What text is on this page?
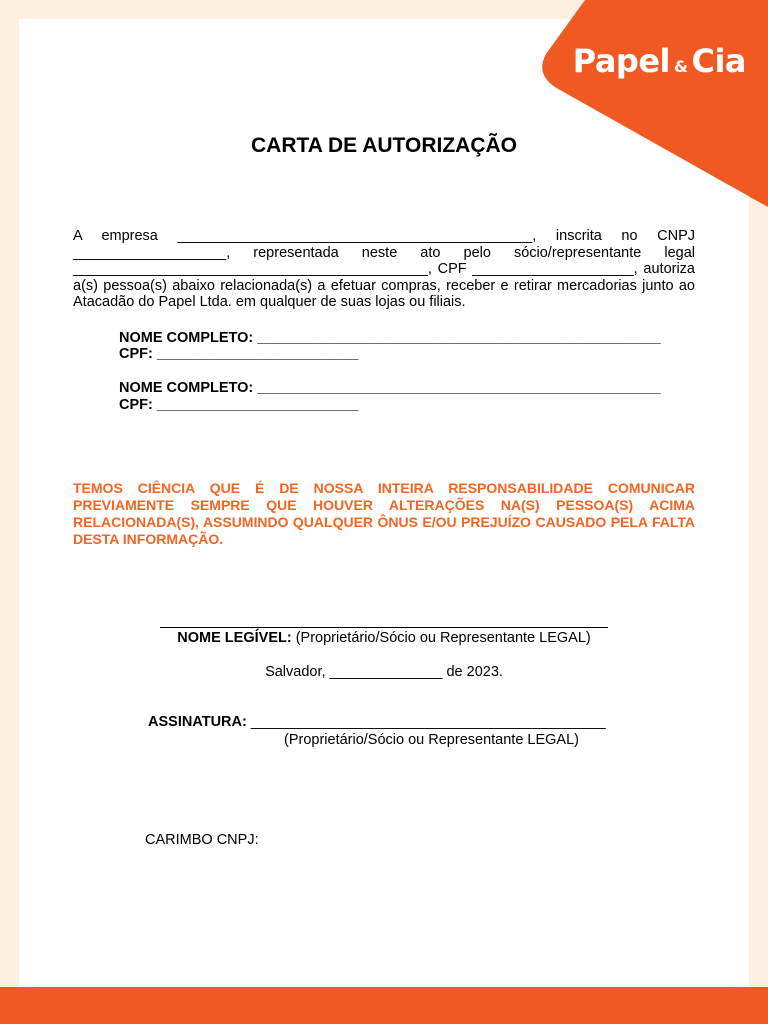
Papel & Cia
CARTA DE AUTORIZAÇÃO
A empresa ____________________________________________, inscrita no CNPJ ___________________, representada neste ato pelo sócio/representante legal ____________________________________________, CPF ____________________, autoriza a(s) pessoa(s) abaixo relacionada(s) a efetuar compras, receber e retirar mercadorias junto ao Atacadão do Papel Ltda. em qualquer de suas lojas ou filiais.
NOME COMPLETO: __________________________________________________
CPF: _________________________
NOME COMPLETO: __________________________________________________
CPF: _________________________
TEMOS CIÊNCIA QUE É DE NOSSA INTEIRA RESPONSABILIDADE COMUNICAR PREVIAMENTE SEMPRE QUE HOUVER ALTERAÇÕES NA(S) PESSOA(S) ACIMA RELACIONADA(S), ASSUMINDO QUALQUER ÔNUS E/OU PREJUÍZO CAUSADO PELA FALTA DESTA INFORMAÇÃO.
NOME LEGÍVEL: (Proprietário/Sócio ou Representante LEGAL)
Salvador, ______________ de 2023.
ASSINATURA: ____________________________________________
(Proprietário/Sócio ou Representante LEGAL)
CARIMBO CNPJ:
